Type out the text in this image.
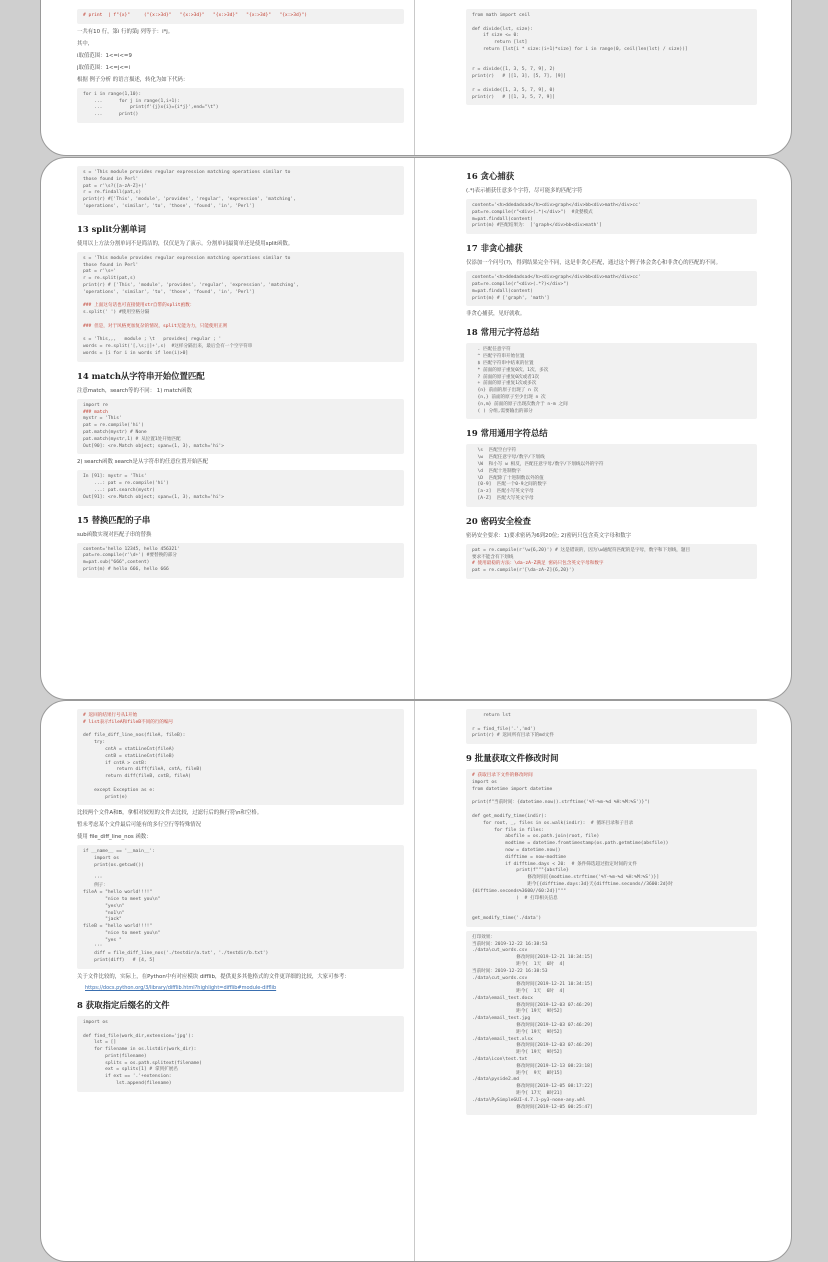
# print  | f"{x}"     ("{x:>3d}"   "{x:>3d}"   "{x:>3d}"   "{x:>3d}"   "{x:>3d}")
一共有10 行，第i 行的第j 列等于：i*j。
其中,
i取值范围：1<=i<=9
j取值范围：1<=j<=i
根据 例子分析 的语言描述，转化为如下代码：
for i in range(1,10):
...      for j in range(1,i+1):
...          print(f'{j}x{i}={i*j}',end="\t")
...      print()
from math import ceil

def divide(lst, size):
if size <= 0:
return [lst]
return [lst[i * size:(i+1)*size] for i in range(0, ceil(len(lst) / size))]

r = divide([1, 3, 5, 7, 9], 2)
print(r)   # [[1, 3], [5, 7], [9]]

r = divide([1, 3, 5, 7, 9], 0)
print(r)   # [[1, 3, 5, 7, 9]]
s = 'This module provides regular expression matching operations similar to
those found in Perl'
pat = r'\s?([a-zA-Z]+)'
r = re.findall(pat,s)
print(r) #['This', 'module', 'provides', 'regular', 'expression', 'matching',
'operations', 'similar', 'to', 'those', 'found', 'in', 'Perl']
13 split分割单词
使用以上方法分割单词不是简洁的，仅仅是为了演示。分割单词最简单还是使用split函数。
s = 'This module provides regular expression matching operations similar to
those found in Perl'
pat = r'\s+'
r = re.split(pat,s)
print(r) # ['This', 'module', 'provides', 'regular', 'expression', 'matching',
'operations', 'similar', 'to', 'those', 'found', 'in', 'Perl']

### 上面这句话也可直接使用str自带的split函数：
s.split(' ') #使用空格分隔

### 但是，对于风格更加复杂的情况，split无能为力，只能使用正则

s = 'This,,,   module ; \t   provides| regular ; '
words = re.split('[,\s;|]+',s)  #这样分隔出来，最后会有一个空字符串
words = [i for i in words if len(i)>0]
14 match从字符串开始位置匹配
注意match，search等的不同： 1) match函数
import re
### match
mystr = 'This'
pat = re.compile('hi')
pat.match(mystr) # None
pat.match(mystr,1) # 从位置1处开始匹配
Out[90]: <re.Match object; span=(1, 3), match='hi'>
2) search函数 search是从字符串的任意位置开始匹配
In [91]: mystr = 'This'
...: pat = re.compile('hi')
...: pat.search(mystr)
Out[91]: <re.Match object; span=(1, 3), match='hi'>
15 替换匹配的子串
sub函数实现对匹配子串的替换
content='hello 12345, hello 456321'
pat=re.compile(r'\d+') #要替换的部分
m=pat.sub("666",content)
print(m) # hello 666, hello 666
16 贪心捕获
(.*)表示捕获任意多个字符，尽可能多的匹配字符
content='<h>ddedadsad</h><div>graph</div>bb<div>math</div>cc'
pat=re.compile(r"<div>(.*)</div>")  #贪婪模式
m=pat.findall(content)
print(m) #匹配结果为： ['graph</div>bb<div>math']
17 非贪心捕获
仅添加一个问号(?)，得到结果完全不同，这是非贪心匹配，通过这个例子体会贪心和非贪心的匹配的不同。
content='<h>ddedadsad</h><div>graph</div>bb<div>math</div>cc'
pat=re.compile(r"<div>(.*?)</div>")
m=pat.findall(content)
print(m) # ['graph', 'math']
非贪心捕获，见好就收。
18 常用元字符总结
. 匹配任意字符
^ 匹配字符串开始位置
$ 匹配字符串中结束的位置
* 前面的原子重复0次、1次、多次
? 前面的原子重复0次或者1次
+ 前面的原子重复1次或多次
{n} 前面的原子出现了 n 次
{n,} 前面的原子至少出现 n 次
{n,m} 前面的原子出现次数介于 n-m 之间
( ) 分组,需要输出的部分
19 常用通用字符总结
\s  匹配空白字符
\w  匹配任意字母/数字/下划线
\W  和小写 w 相反，匹配任意字母/数字/下划线以外的字符
\d  匹配十进制数字
\D  匹配除了十进制数以外的值
[0-9]  匹配一个0-9之间的数字
[a-z]  匹配小写英文字母
[A-Z]  匹配大写英文字母
20 密码安全检查
密码安全要求：1)要求密码为6到20位; 2)密码只包含英文字母和数字
pat = re.compile(r'\w{6,20}') # 这是错误的，因为\w通配符匹配的是字母，数字和下划线，题目
要求不能含有下划线
# 使用最稳的方法：\da-zA-Z满足 密码只包含英文字母和数字
pat = re.compile(r'[\da-zA-Z]{6,20}')
# 返回的结果行号从1开始
# list表示fileA和fileB不同的行的编号

def file_diff_line_nos(fileA, fileB):
try:
cntA = statLineCnt(fileA)
cntB = statLineCnt(fileB)
if cntA > cntB:
return diff(fileA, cntA, fileB)
return diff(fileB, cntB, fileA)

except Exception as e:
print(e)
比较两个文件A和B，拿相对较短的文件去比较，过滤行后的换行符\n和空格。
暂未考虑某个文件最后可能有的多行空行等特殊情况
使用 file_diff_line_nos 函数：
if __name__ == '__main__':
import os
print(os.getcwd())

'''
例子：
fileA = "hello world!!!!"
"nice to meet you\n"
"yes\n"
"no1\n"
"jack"
fileB = "hello world!!!!"
"nice to meet you\n"
"yes "
'''
diff = file_diff_line_nos('./testdir/a.txt', './testdir/b.txt')
print(diff)   # [4, 5]
关于文件比较的，实际上，在Python中有对应模块 difflib，提供更多其他格式的文件更详细的比较，大家可参考：
https://docs.python.org/3/library/difflib.html?highlight=difflib#module-difflib
8 获取指定后缀名的文件
import os

def find_file(work_dir,extension='jpg'):
lst = []
for filename in os.listdir(work_dir):
print(filename)
splits = os.path.splitext(filename)
ext = splits[1] # 拿到扩展名
if ext == '.'+extension:
lst.append(filename)
return lst

r = find_file('.','md')
print(r) # 返回所有目录下的md文件
9 批量获取文件修改时间
# 获取目录下文件的修改时间
import os
from datetime import datetime

print(f"当前时间：{datetime.now().strftime('%Y-%m-%d %H:%M:%S')}")

def get_modify_time(indir):
for root, _, files in os.walk(indir):  # 循环目录和子目录
for file in files:
absfile = os.path.join(root, file)
modtime = datetime.fromtimestamp(os.path.getmtime(absfile))
now = datetime.now()
difftime = now-modtime
if difftime.days < 20:  # 条件筛选超过指定时间的文件
print(f"""{absfile}
修改时间[{modtime.strftime('%Y-%m-%d %H:%M:%S')}]
距今[{difftime.days:3d}天{difftime.seconds//3600:2d}时
{difftime.seconds%3600//60:2d}]"""
)  # 打印相关信息

get_modify_time('./data')
打印效果：
当前时间：2019-12-22 16:38:53
./data\cut_words.csv
修改时间[2019-12-21 10:34:15]
距今[  1天  6时  4]
当前时间：2019-12-22 16:38:53
./data\cut_words.csv
修改时间[2019-12-21 10:34:15]
距今[  1天  6时  4]
./data\email_test.docx
修改时间[2019-12-03 07:46:29]
距今[ 19天  9时52]
./data\email_test.jpg
修改时间[2019-12-03 07:46:29]
距今[ 19天  9时52]
./data\email_test.xlsx
修改时间[2019-12-03 07:46:29]
距今[ 19天  9时52]
./data\icon\test.txt
修改时间[2019-12-13 08:23:18]
距今[  9天  8时15]
./data\pyside2.md
修改时间[2019-12-05 08:17:22]
距今[ 17天  8时21]
./data\PySimpleGUI-4.7.1-py3-none-any.whl
修改时间[2019-12-05 00:25:47]
